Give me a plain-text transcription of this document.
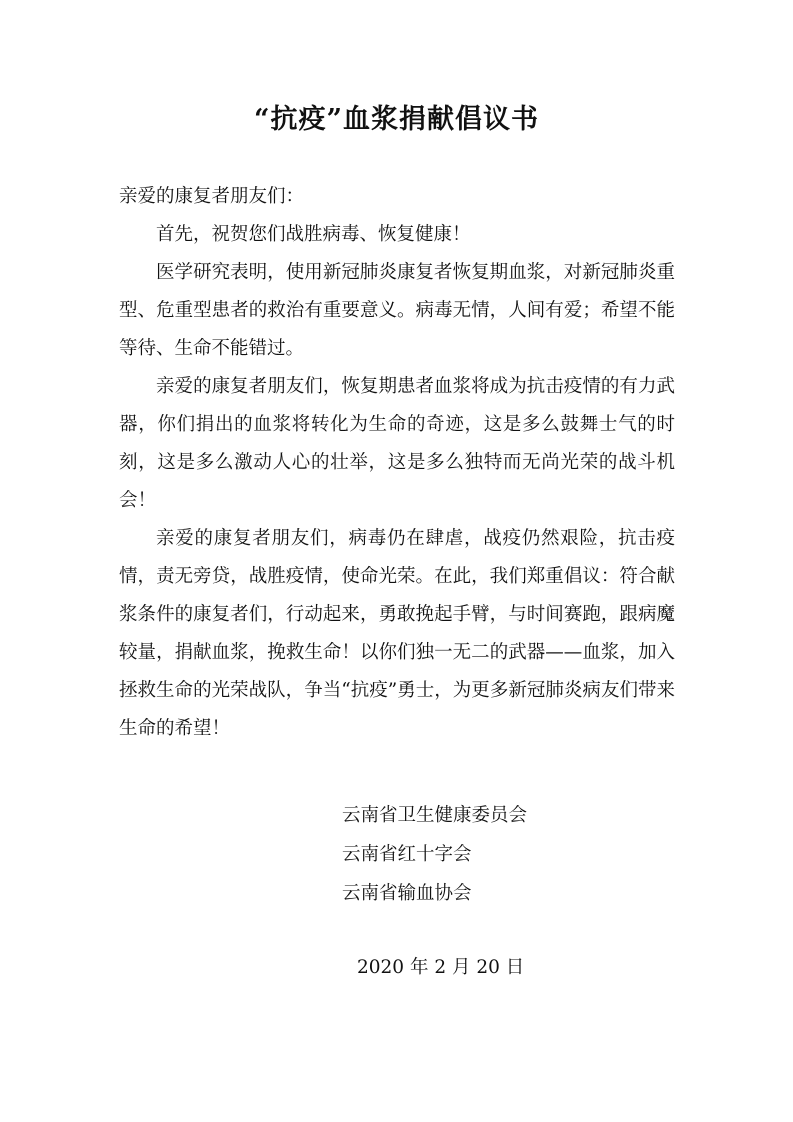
“抗疫”血浆捐献倡议书

亲爱的康复者朋友们：

首先，祝贺您们战胜病毒、恢复健康！

医学研究表明，使用新冠肺炎康复者恢复期血浆，对新冠肺炎重型、危重型患者的救治有重要意义。病毒无情，人间有爱；希望不能等待、生命不能错过。

亲爱的康复者朋友们，恢复期患者血浆将成为抗击疫情的有力武器，你们捐出的血浆将转化为生命的奇迹，这是多么鼓舞士气的时刻，这是多么激动人心的壮举，这是多么独特而无尚光荣的战斗机会！

亲爱的康复者朋友们，病毒仍在肆虐，战疫仍然艰险，抗击疫情，责无旁贷，战胜疫情，使命光荣。在此，我们郑重倡议：符合献浆条件的康复者们，行动起来，勇敢挽起手臂，与时间赛跑，跟病魔较量，捐献血浆，挽救生命！以你们独一无二的武器——血浆，加入拯救生命的光荣战队，争当“抗疫”勇士，为更多新冠肺炎病友们带来生命的希望！

云南省卫生健康委员会

云南省红十字会

云南省输血协会

2020 年 2 月 20 日
